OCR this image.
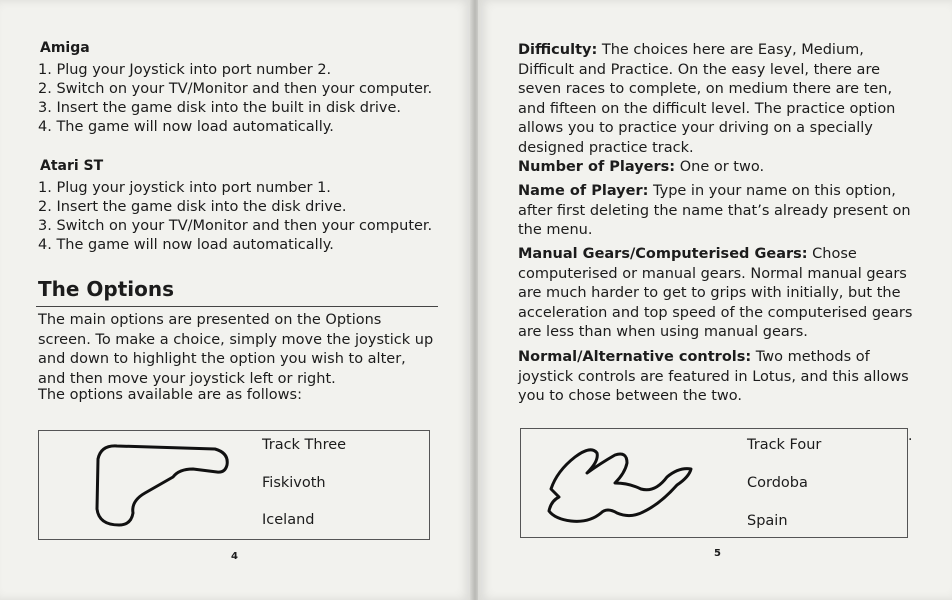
Amiga
1. Plug your Joystick into port number 2.
2. Switch on your TV/Monitor and then your computer.
3. Insert the game disk into the built in disk drive.
4. The game will now load automatically.
Atari ST
1. Plug your joystick into port number 1.
2. Insert the game disk into the disk drive.
3. Switch on your TV/Monitor and then your computer.
4. The game will now load automatically.
The Options

The main options are presented on the Options screen. To make a choice, simply move the joystick up and down to highlight the option you wish to alter, and then move your joystick left or right.

The options available are as follows:

Track Three
Fiskivoth
Iceland
4

Difficulty: The choices here are Easy, Medium, Difficult and Practice. On the easy level, there are seven races to complete, on medium there are ten, and fifteen on the difficult level. The practice option allows you to practice your driving on a specially designed practice track.

Number of Players: One or two.

Name of Player: Type in your name on this option, after first deleting the name that’s already present on the menu.

Manual Gears/Computerised Gears: Chose computerised or manual gears. Normal manual gears are much harder to get to grips with initially, but the acceleration and top speed of the computerised gears are less than when using manual gears.

Normal/Alternative controls: Two methods of joystick controls are featured in Lotus, and this allows you to chose between the two.

Track Four
Cordoba
Spain
·
5
